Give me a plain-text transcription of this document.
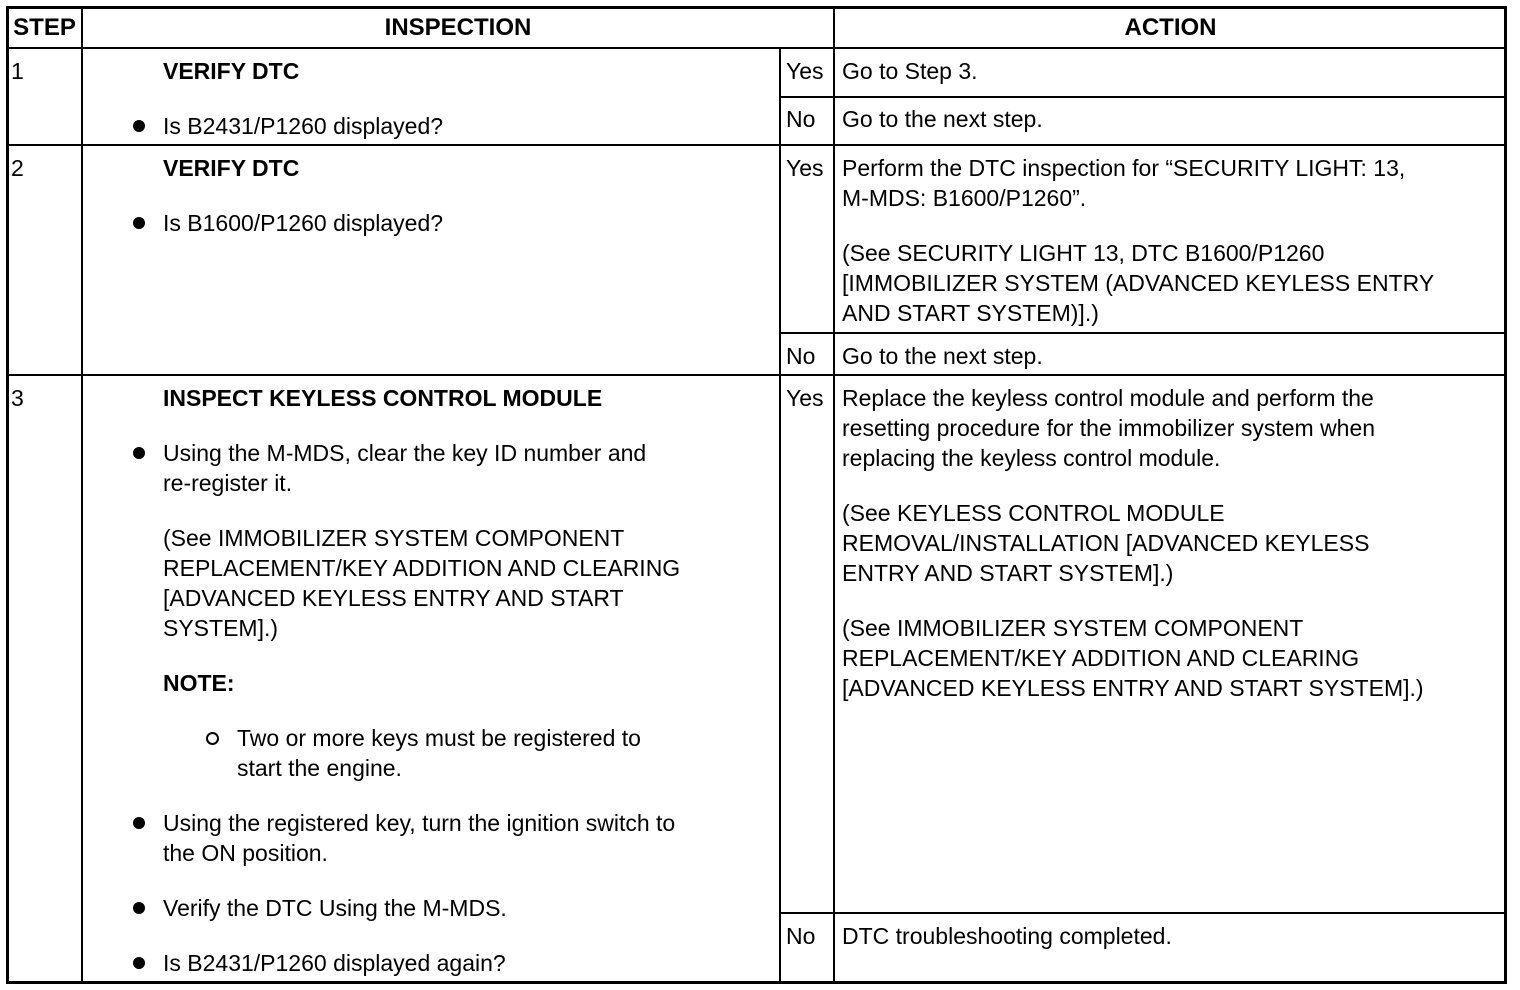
STEP	INSPECTION	ACTION
1	VERIFY DTC
Is B2431/P1260 displayed?
Yes Go to Step 3.
No Go to the next step.
2	VERIFY DTC
Is B1600/P1260 displayed?
Yes Perform the DTC inspection for “SECURITY LIGHT: 13,
M-MDS: B1600/P1260”.
(See SECURITY LIGHT 13, DTC B1600/P1260
[IMMOBILIZER SYSTEM (ADVANCED KEYLESS ENTRY
AND START SYSTEM)].)
No Go to the next step.
3	INSPECT KEYLESS CONTROL MODULE
Using the M-MDS, clear the key ID number and
re-register it.
(See IMMOBILIZER SYSTEM COMPONENT
REPLACEMENT/KEY ADDITION AND CLEARING
[ADVANCED KEYLESS ENTRY AND START
SYSTEM].)
NOTE:
Two or more keys must be registered to
start the engine.
Using the registered key, turn the ignition switch to
the ON position.
Verify the DTC Using the M-MDS.
Is B2431/P1260 displayed again?
Yes Replace the keyless control module and perform the
resetting procedure for the immobilizer system when
replacing the keyless control module.
(See KEYLESS CONTROL MODULE
REMOVAL/INSTALLATION [ADVANCED KEYLESS
ENTRY AND START SYSTEM].)
(See IMMOBILIZER SYSTEM COMPONENT
REPLACEMENT/KEY ADDITION AND CLEARING
[ADVANCED KEYLESS ENTRY AND START SYSTEM].)
No DTC troubleshooting completed.
